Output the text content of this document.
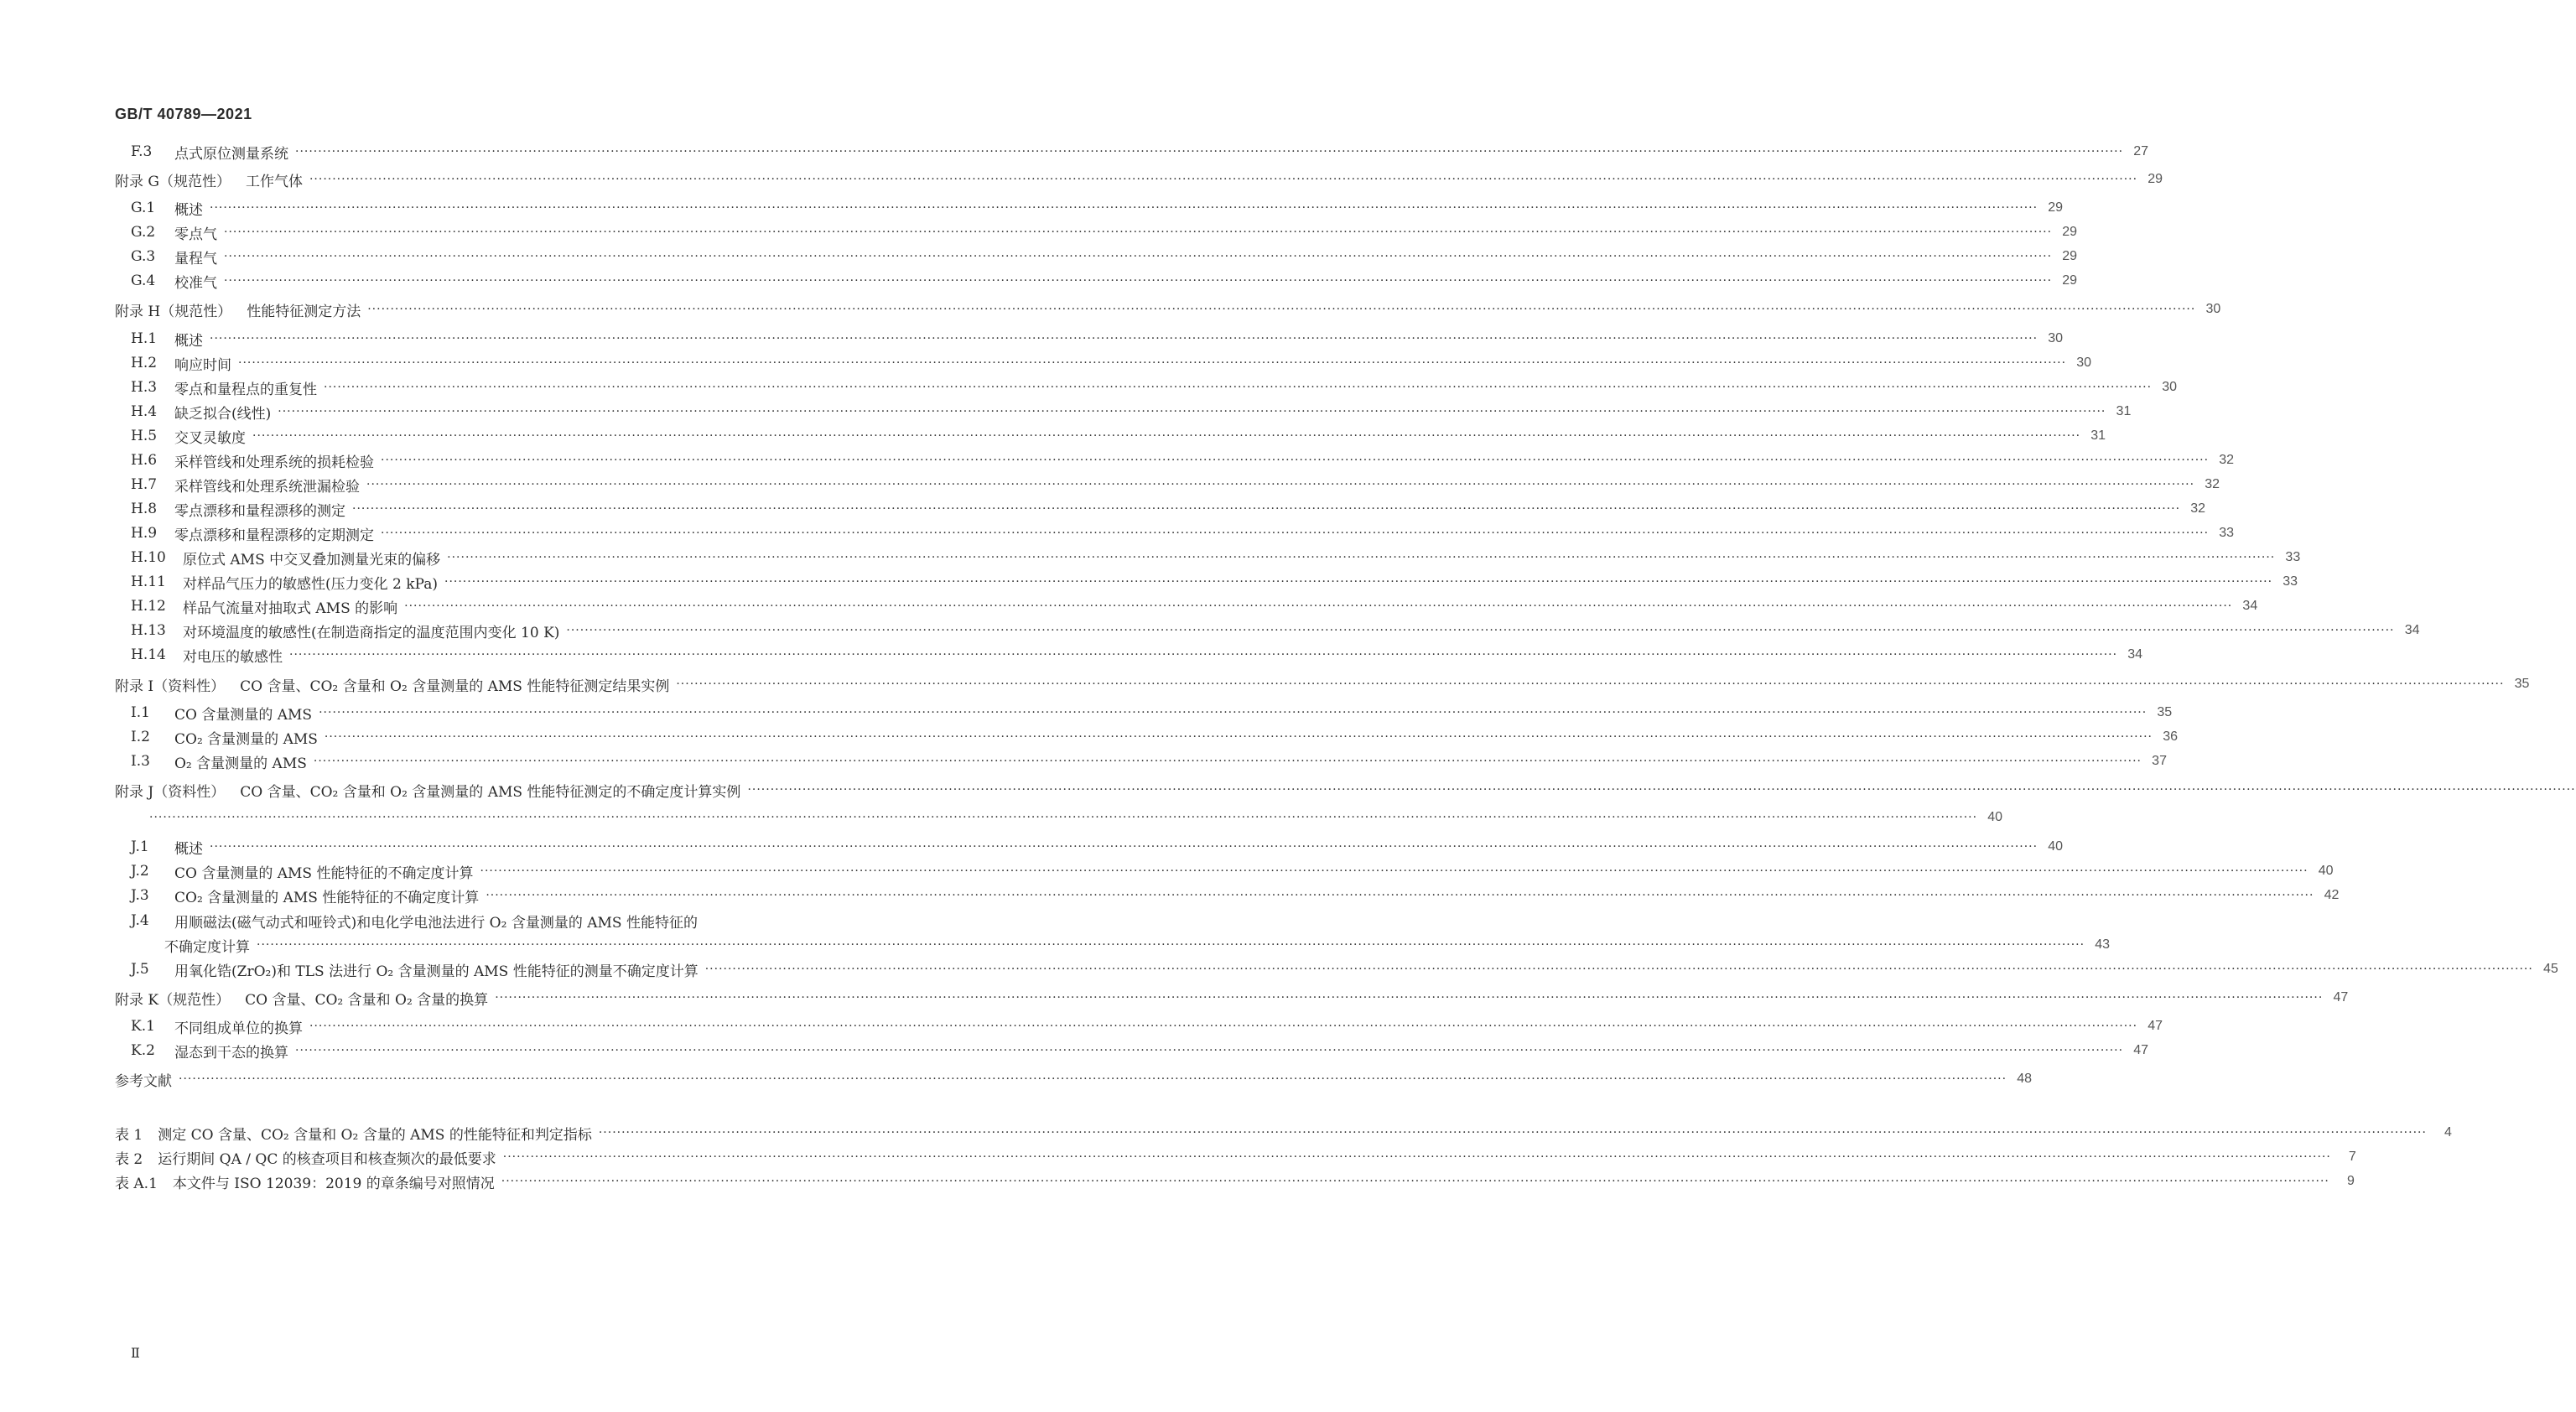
GB/T 40789—2021
F.3	点式原位测量系统 ················································································································································································································································································································································································································ 27
附录 G（规范性） 工作气体 ················································································································································································································································································································································································································ 29
G.1	概述 ················································································································································································································································································································································································································ 29
G.2	零点气 ················································································································································································································································································································································································································ 29
G.3	量程气 ················································································································································································································································································································································································································ 29
G.4	校准气 ················································································································································································································································································································································································································ 29
附录 H（规范性） 性能特征测定方法 ················································································································································································································································································································································································································ 30
H.1	概述 ················································································································································································································································································································································································································ 30
H.2	响应时间 ················································································································································································································································································································································································································ 30
H.3	零点和量程点的重复性 ················································································································································································································································································································································································································ 30
H.4	缺乏拟合(线性) ················································································································································································································································································································································································································ 31
H.5	交叉灵敏度 ················································································································································································································································································································································································································ 31
H.6	采样管线和处理系统的损耗检验 ················································································································································································································································································································································································································ 32
H.7	采样管线和处理系统泄漏检验 ················································································································································································································································································································································································································ 32
H.8	零点漂移和量程漂移的测定 ················································································································································································································································································································································································································ 32
H.9	零点漂移和量程漂移的定期测定 ················································································································································································································································································································································································································ 33
H.10	原位式 AMS 中交叉叠加测量光束的偏移 ················································································································································································································································································································································································································ 33
H.11	对样品气压力的敏感性(压力变化 2 kPa) ················································································································································································································································································································································································································ 33
H.12	样品气流量对抽取式 AMS 的影响 ················································································································································································································································································································································································································ 34
H.13	对环境温度的敏感性(在制造商指定的温度范围内变化 10 K) ················································································································································································································································································································································································································ 34
H.14	对电压的敏感性 ················································································································································································································································································································································································································ 34
附录 I（资料性） CO 含量、CO₂ 含量和 O₂ 含量测量的 AMS 性能特征测定结果实例 ················································································································································································································································································································································································································ 35
I.1	CO 含量测量的 AMS ················································································································································································································································································································································································································ 35
I.2	CO₂ 含量测量的 AMS ················································································································································································································································································································································································································ 36
I.3	O₂ 含量测量的 AMS ················································································································································································································································································································································································································ 37
附录 J（资料性） CO 含量、CO₂ 含量和 O₂ 含量测量的 AMS 性能特征测定的不确定度计算实例 ················································································································································································································································································································································································································
················································································································································································································································································································································································································ 40
J.1	概述 ················································································································································································································································································································································································································ 40
J.2	CO 含量测量的 AMS 性能特征的不确定度计算 ················································································································································································································································································································································································································ 40
J.3	CO₂ 含量测量的 AMS 性能特征的不确定度计算 ················································································································································································································································································································································································································ 42
J.4	用顺磁法(磁气动式和哑铃式)和电化学电池法进行 O₂ 含量测量的 AMS 性能特征的
不确定度计算 ················································································································································································································································································································································································································ 43
J.5	用氧化锆(ZrO₂)和 TLS 法进行 O₂ 含量测量的 AMS 性能特征的测量不确定度计算 ················································································································································································································································································································································································································ 45
附录 K（规范性） CO 含量、CO₂ 含量和 O₂ 含量的换算 ················································································································································································································································································································································································································ 47
K.1	不同组成单位的换算 ················································································································································································································································································································································································································ 47
K.2	湿态到干态的换算 ················································································································································································································································································································································································································ 47
参考文献 ················································································································································································································································································································································································································ 48
表 1 测定 CO 含量、CO₂ 含量和 O₂ 含量的 AMS 的性能特征和判定指标 ················································································································································································································································································································································································································	4
表 2 运行期间 QA / QC 的核查项目和核查频次的最低要求 ················································································································································································································································································································································································································	7
表 A.1 本文件与 ISO 12039：2019 的章条编号对照情况 ················································································································································································································································································································································································································	9
Ⅱ
